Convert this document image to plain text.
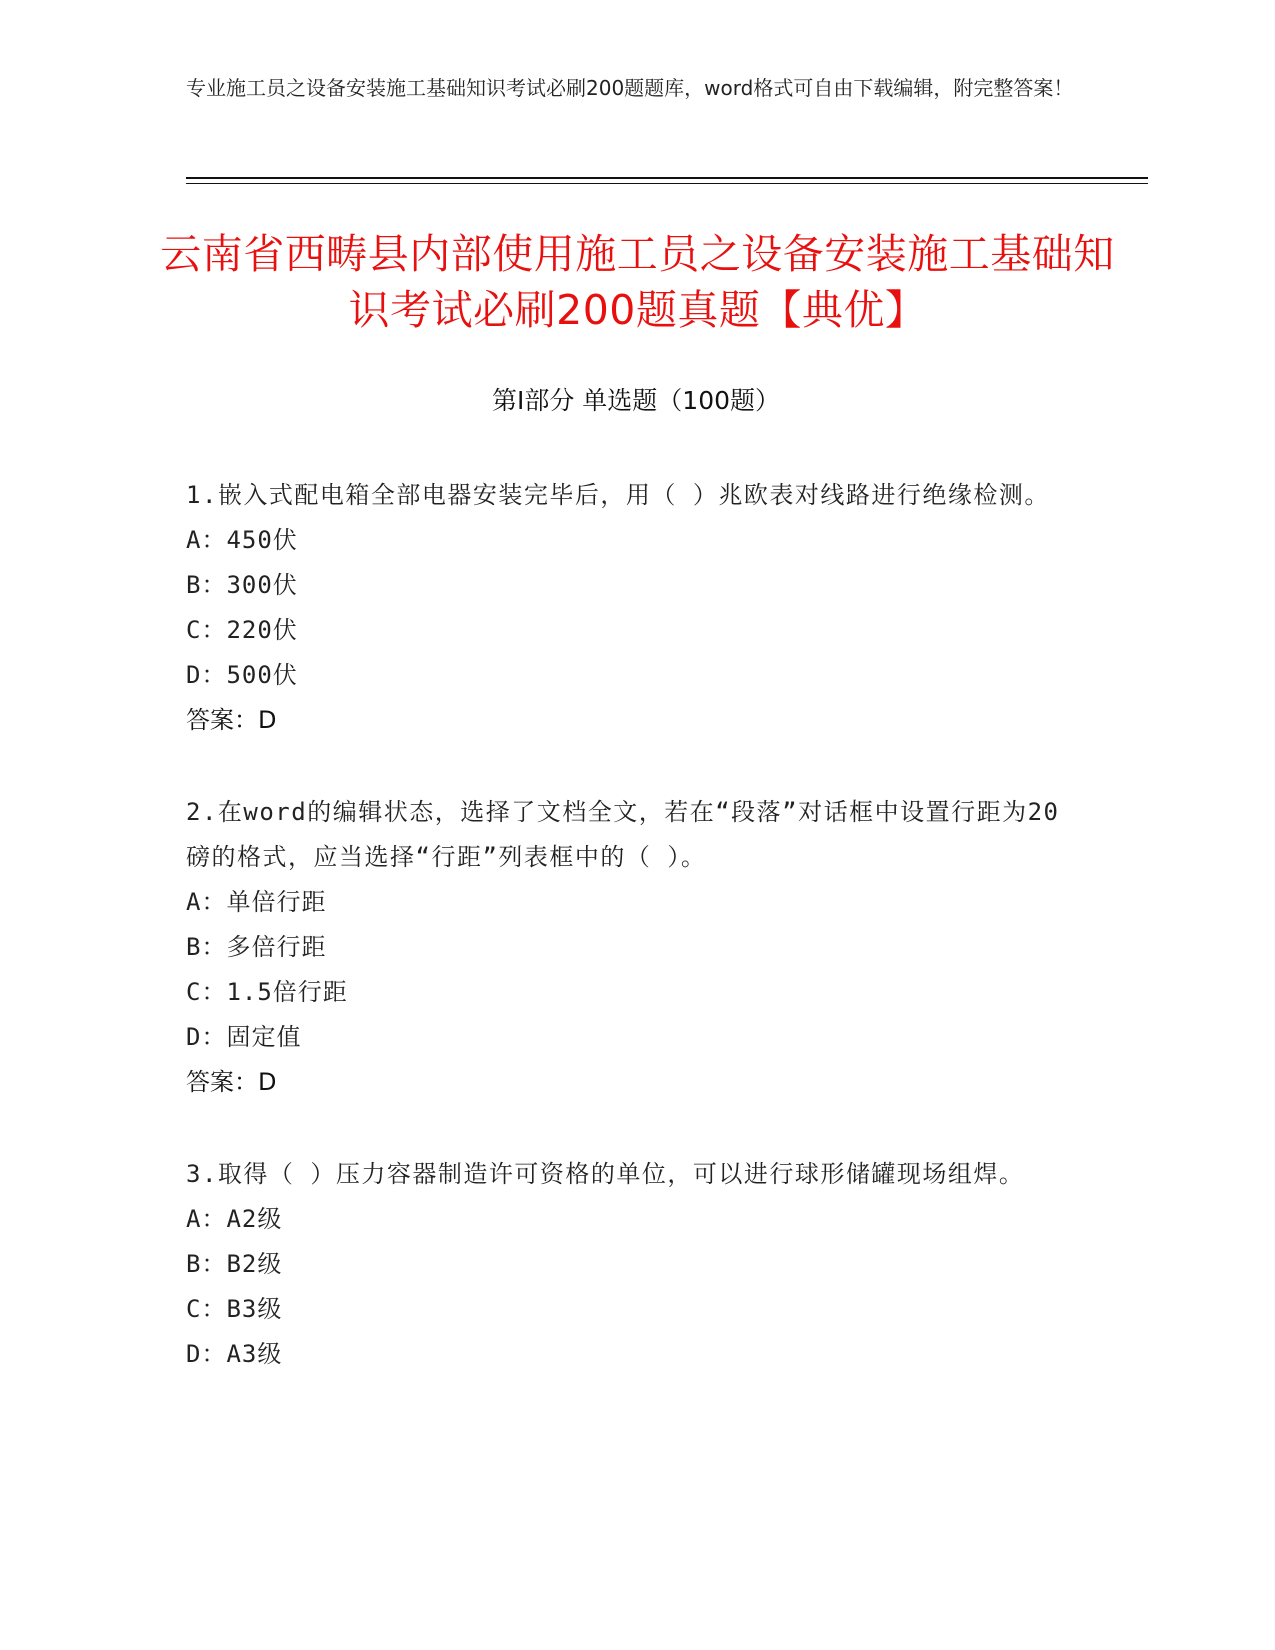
专业施工员之设备安装施工基础知识考试必刷200题题库，word格式可自由下载编辑，附完整答案！
云南省西畴县内部使用施工员之设备安装施工基础知识考试必刷200题真题【典优】
第I部分 单选题（100题）
1.嵌入式配电箱全部电器安装完毕后，用（ ）兆欧表对线路进行绝缘检测。
A：450伏
B：300伏
C：220伏
D：500伏
答案：D
2.在word的编辑状态，选择了文档全文，若在“段落”对话框中设置行距为20磅的格式，应当选择“行距”列表框中的（ ）。
A：单倍行距
B：多倍行距
C：1.5倍行距
D：固定值
答案：D
3.取得（ ）压力容器制造许可资格的单位，可以进行球形储罐现场组焊。
A：A2级
B：B2级
C：B3级
D：A3级
